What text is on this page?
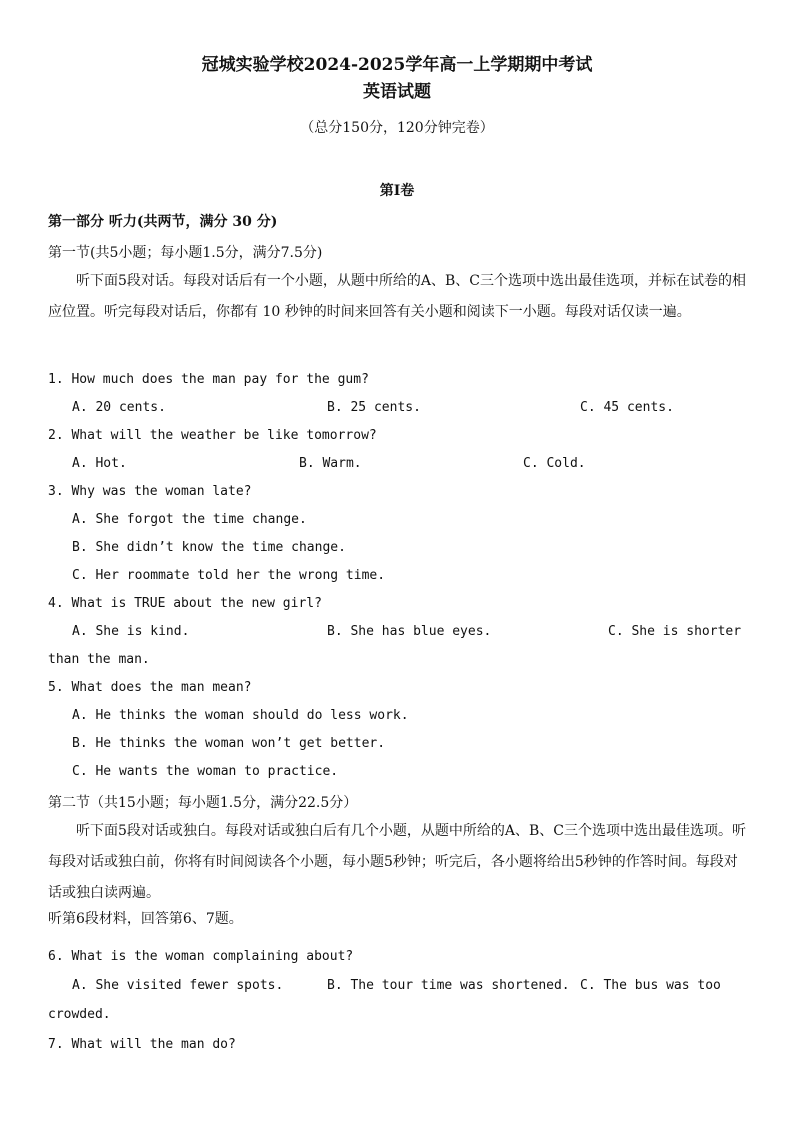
冠城实验学校2024-2025学年高一上学期期中考试
英语试题
（总分150分，120分钟完卷）
第Ⅰ卷
第一部分 听力(共两节，满分 30 分)
第一节(共5小题；每小题1.5分，满分7.5分)
听下面5段对话。每段对话后有一个小题，从题中所给的A、B、C三个选项中选出最佳选项，并标在试卷的相应位置。听完每段对话后，你都有 10 秒钟的时间来回答有关小题和阅读下一小题。每段对话仅读一遍。
1. How much does the man pay for the gum?
A. 20 cents.	B. 25 cents.	C. 45 cents.
2. What will the weather be like tomorrow?
A. Hot.	B. Warm.	C. Cold.
3. Why was the woman late?
A. She forgot the time change.
B. She didn’t know the time change.
C. Her roommate told her the wrong time.
4. What is TRUE about the new girl?
A. She is kind.	B. She has blue eyes.	C. She is shorter
than the man.
5. What does the man mean?
A. He thinks the woman should do less work.
B. He thinks the woman won’t get better.
C. He wants the woman to practice.
第二节（共15小题；每小题1.5分，满分22.5分）
听下面5段对话或独白。每段对话或独白后有几个小题，从题中所给的A、B、C三个选项中选出最佳选项。听每段对话或独白前，你将有时间阅读各个小题，每小题5秒钟；听完后，各小题将给出5秒钟的作答时间。每段对话或独白读两遍。
听第6段材料，回答第6、7题。
6. What is the woman complaining about?
A. She visited fewer spots.	B. The tour time was shortened. C. The bus was too
crowded.
7. What will the man do?
